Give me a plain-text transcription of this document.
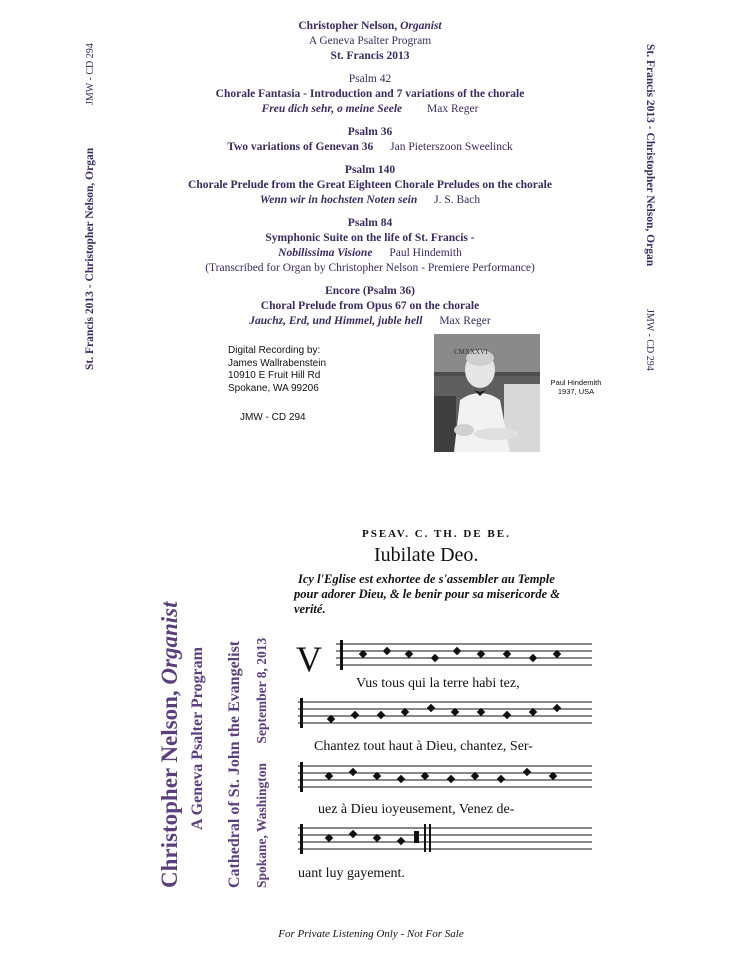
St. Francis 2013 - Christopher Nelson, Organ JMW - CD 294	St. Francis 2013 - Christopher Nelson, Organ JMW - CD 294
Christopher Nelson, Organist
A Geneva Psalter Program
St. Francis 2013
Psalm 42
Chorale Fantasia - Introduction and 7 variations of the chorale
Freu dich sehr, o meine Seele Max Reger
Psalm 36
Two variations of Genevan 36 Jan Pieterszoon Sweelinck
Psalm 140
Chorale Prelude from the Great Eighteen Chorale Preludes on the chorale
Wenn wir in hochsten Noten sein J. S. Bach
Psalm 84
Symphonic Suite on the life of St. Francis -
Nobilissima Visione Paul Hindemith
(Transcribed for Organ by Christopher Nelson - Premiere Performance)
Encore (Psalm 36)
Choral Prelude from Opus 67 on the chorale
Jauchz, Erd, und Himmel, juble hell Max Reger
Digital Recording by:
James Wallrabenstein
10910 E Fruit Hill Rd
Spokane, WA 99206
JMW - CD 294
CMXXXVI
Paul Hindemith
1937, USA
Christopher Nelson, Organist
A Geneva Psalter Program Cathedral of St. John the Evangelist Spokane, Washington September 8, 2013
PSEAV. C. TH. DE BE.
Iubilate Deo.
Icy l'Eglise est exhortee de s'assembler au Temple
pour adorer Dieu, & le benir pour sa misericorde &
verité.
V
Vus tous qui la terre habi tez,
Chantez tout haut à Dieu, chantez, Ser-
uez à Dieu ioyeusement, Venez de-
uant luy gayement.
For Private Listening Only - Not For Sale
